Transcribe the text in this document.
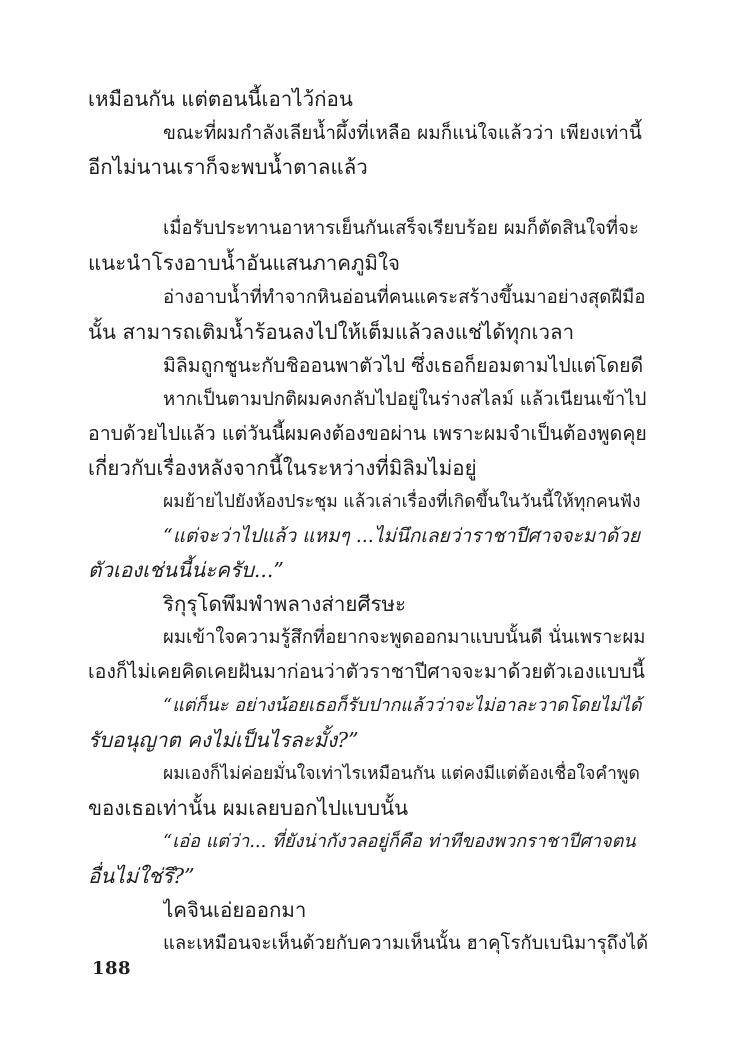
เหมือนกัน แต่ตอนนี้เอาไว้ก่อน
ขณะที่ผมกำลังเลียน้ำผึ้งที่เหลือ ผมก็แน่ใจแล้วว่า เพียงเท่านี้
อีกไม่นานเราก็จะพบน้ำตาลแล้ว
เมื่อรับประทานอาหารเย็นกันเสร็จเรียบร้อย ผมก็ตัดสินใจที่จะ
แนะนำโรงอาบน้ำอันแสนภาคภูมิใจ
อ่างอาบน้ำที่ทำจากหินอ่อนที่คนแคระสร้างขึ้นมาอย่างสุดฝีมือ
นั้น สามารถเติมน้ำร้อนลงไปให้เต็มแล้วลงแช่ได้ทุกเวลา
มิลิมถูกชูนะกับชิออนพาตัวไป ซึ่งเธอก็ยอมตามไปแต่โดยดี
หากเป็นตามปกติผมคงกลับไปอยู่ในร่างสไลม์ แล้วเนียนเข้าไป
อาบด้วยไปแล้ว แต่วันนี้ผมคงต้องขอผ่าน เพราะผมจำเป็นต้องพูดคุย
เกี่ยวกับเรื่องหลังจากนี้ในระหว่างที่มิลิมไม่อยู่
ผมย้ายไปยังห้องประชุม แล้วเล่าเรื่องที่เกิดขึ้นในวันนี้ให้ทุกคนฟัง
“แต่จะว่าไปแล้ว แหมๆ ...ไม่นึกเลยว่าราชาปีศาจจะมาด้วย
ตัวเองเช่นนี้น่ะครับ...”
ริกุรุโดพึมพำพลางส่ายศีรษะ
ผมเข้าใจความรู้สึกที่อยากจะพูดออกมาแบบนั้นดี นั่นเพราะผม
เองก็ไม่เคยคิดเคยฝันมาก่อนว่าตัวราชาปีศาจจะมาด้วยตัวเองแบบนี้
“แต่ก็นะ อย่างน้อยเธอก็รับปากแล้วว่าจะไม่อาละวาดโดยไม่ได้
รับอนุญาต คงไม่เป็นไรละมั้ง?”
ผมเองก็ไม่ค่อยมั่นใจเท่าไรเหมือนกัน แต่คงมีแต่ต้องเชื่อใจคำพูด
ของเธอเท่านั้น ผมเลยบอกไปแบบนั้น
“เอ่อ แต่ว่า... ที่ยังน่ากังวลอยู่ก็คือ ท่าทีของพวกราชาปีศาจตน
อื่นไม่ใช่รึ?”
ไคจินเอ่ยออกมา
และเหมือนจะเห็นด้วยกับความเห็นนั้น ฮาคุโรกับเบนิมารุถึงได้
188
